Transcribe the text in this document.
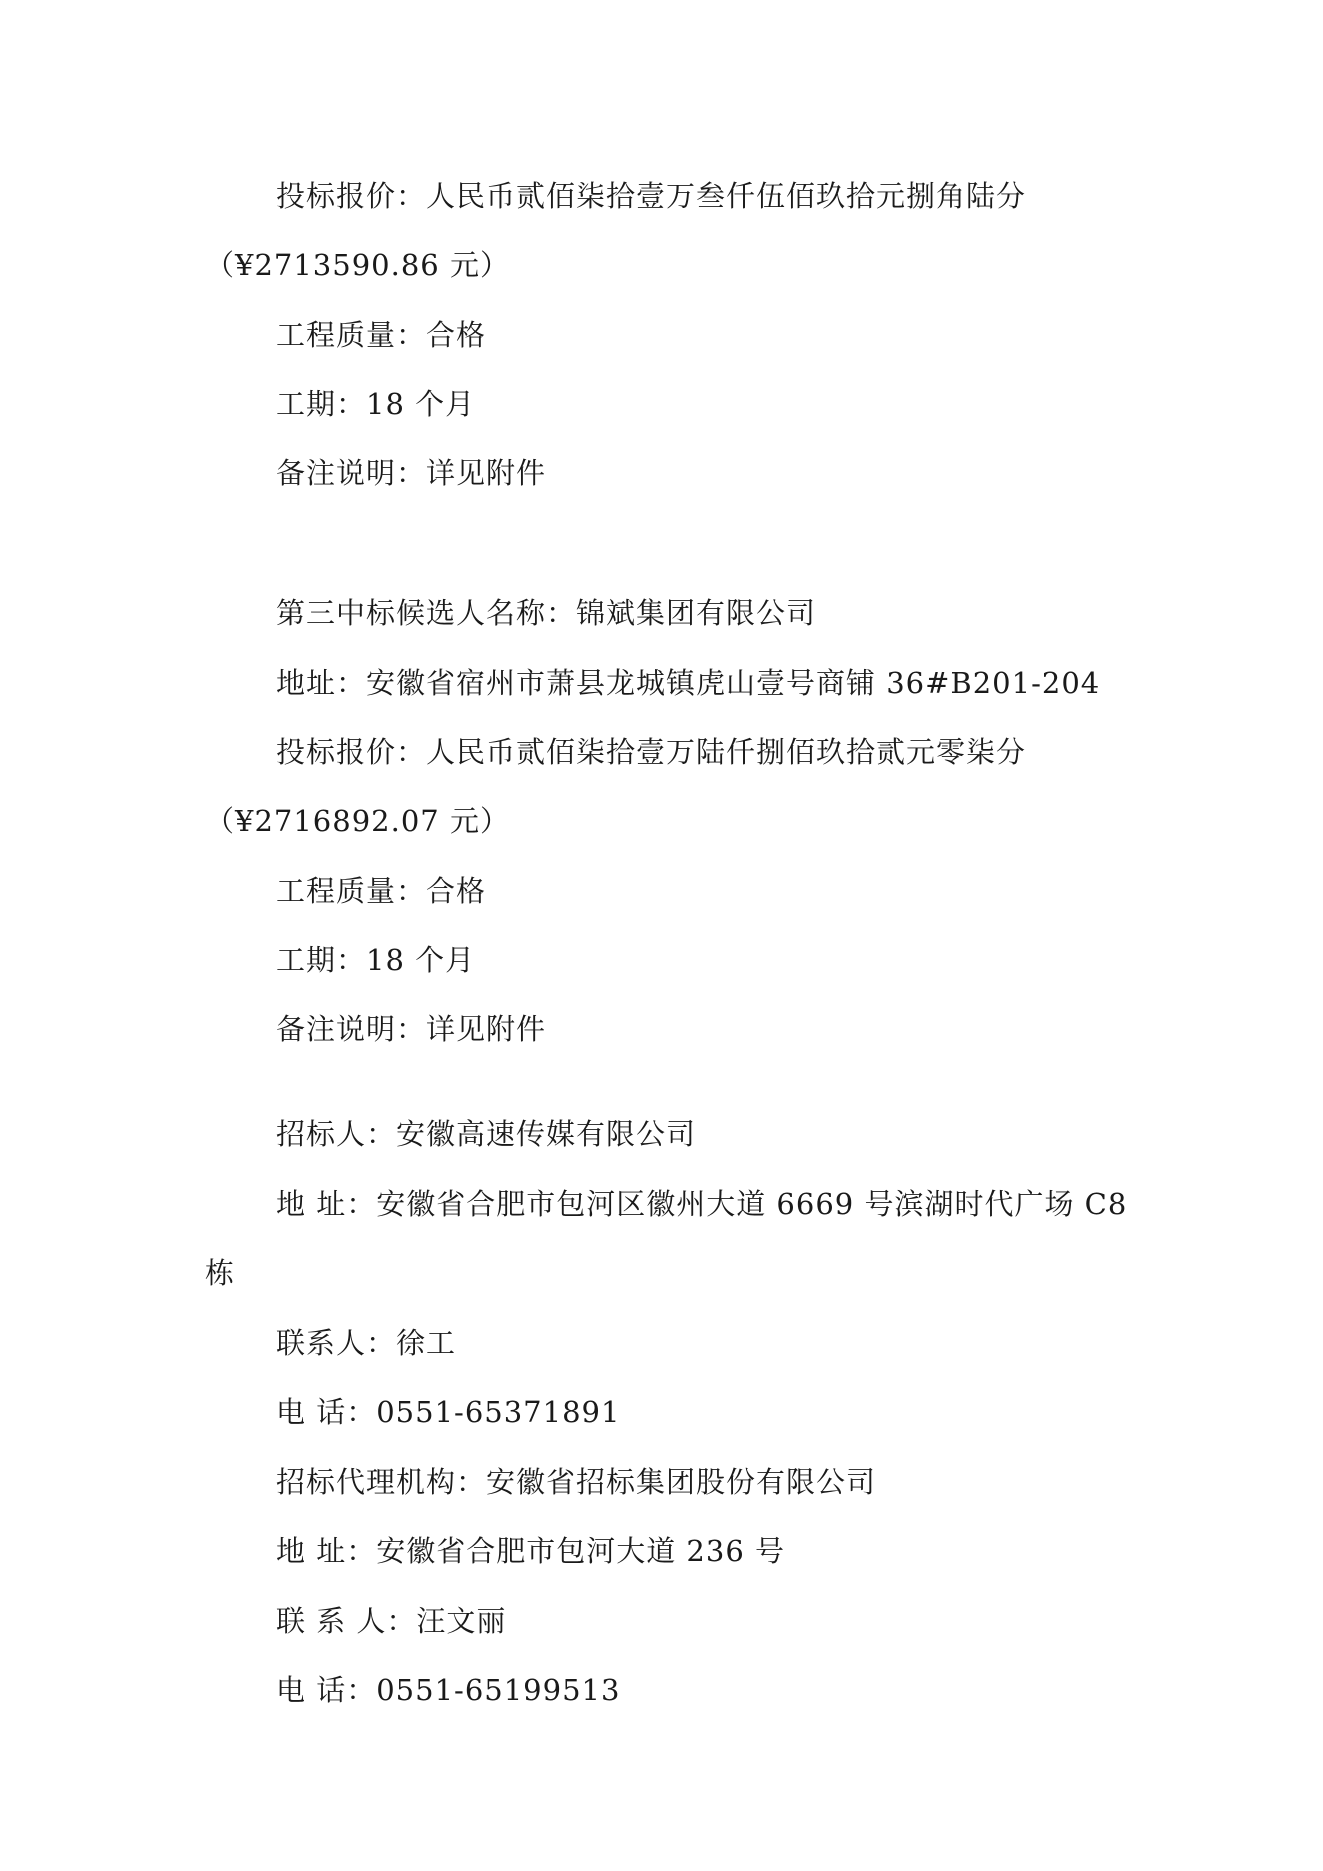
投标报价：人民币贰佰柒拾壹万叁仟伍佰玖拾元捌角陆分
（¥2713590.86 元）
工程质量：合格
工期：18 个月
备注说明：详见附件
第三中标候选人名称：锦斌集团有限公司
地址：安徽省宿州市萧县龙城镇虎山壹号商铺 36#B201-204
投标报价：人民币贰佰柒拾壹万陆仟捌佰玖拾贰元零柒分
（¥2716892.07 元）
工程质量：合格
工期：18 个月
备注说明：详见附件
招标人：安徽高速传媒有限公司
地 址：安徽省合肥市包河区徽州大道 6669 号滨湖时代广场 C8
栋
联系人：徐工
电 话：0551-65371891
招标代理机构：安徽省招标集团股份有限公司
地 址：安徽省合肥市包河大道 236 号
联 系 人：汪文丽
电 话：0551-65199513
